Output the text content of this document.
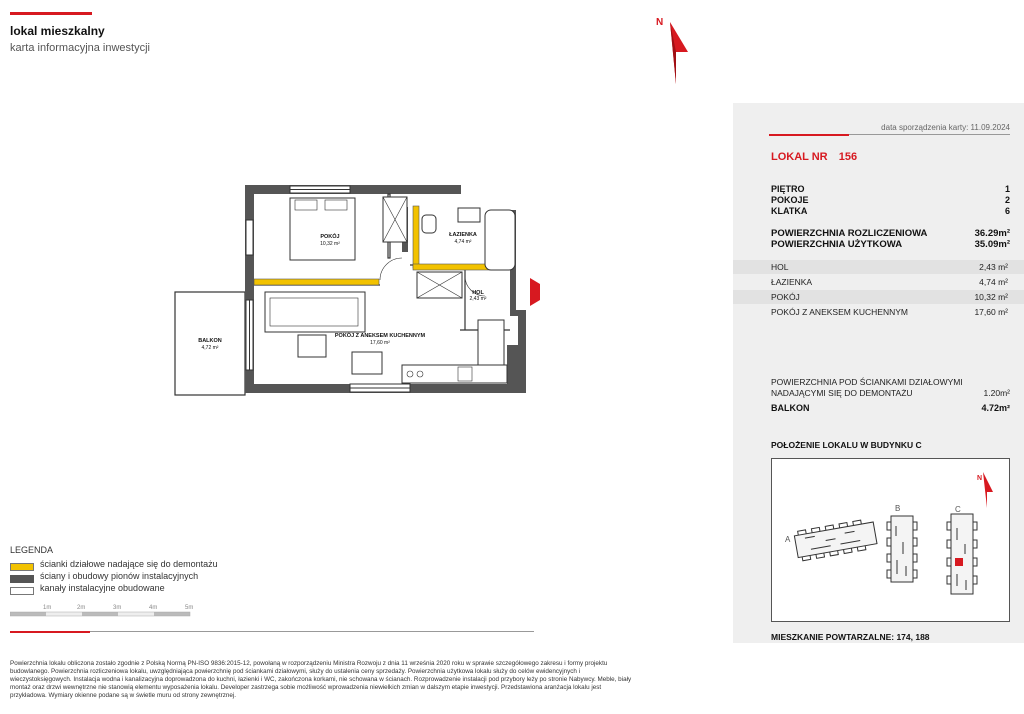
lokal mieszkalny
karta informacyjna inwestycji
N
data sporządzenia karty: 11.09.2024
LOKAL NR 156
PIĘTRO	1
POKOJE	2
KLATKA	6
POWIERZCHNIA ROZLICZENIOWA	36.29m²
POWIERZCHNIA UŻYTKOWA	35.09m²
HOL	2,43 m²
ŁAZIENKA	4,74 m²
POKÓJ	10,32 m²
POKÓJ Z ANEKSEM KUCHENNYM	17,60 m²
POWIERZCHNIA POD ŚCIANKAMI DZIAŁOWYMI
NADAJĄCYMI SIĘ DO DEMONTAŻU	1.20m²
BALKON	4.72m²
POŁOŻENIE LOKALU W BUDYNKU C
A
B	C
N
MIESZKANIE POWTARZALNE: 174, 188
POKÓJ
10,32 m²
ŁAZIENKA
4,74 m²
HOL
2,43 m²
POKÓJ Z ANEKSEM KUCHENNYM
17,60 m²
BALKON
4,72 m²
LEGENDA
ścianki działowe nadające się do demontażu
ściany i obudowy pionów instalacyjnych
kanały instalacyjne obudowane
1m	2m	3m	4m	5m
Powierzchnia lokalu obliczona zostało zgodnie z Polską Normą PN-ISO 9836:2015-12, powołaną w rozporządzeniu Ministra Rozwoju z dnia 11 września 2020 roku w sprawie szczegółowego zakresu i formy projektu
budowlanego. Powierzchnia rozliczeniowa lokalu, uwzględniająca powierzchnię pod ściankami działowymi, służy do ustalenia ceny sprzedaży. Powierzchnia użytkowa lokalu służy do celów ewidencyjnych i
wieczystoksięgowych. Instalacja wodna i kanalizacyjna doprowadzona do kuchni, łazienki i WC, zakończona korkami, nie schowana w ścianach. Rozprowadzenie instalacji pod przybory leży po stronie Nabywcy. Meble, biały
montaż oraz drzwi wewnętrzne nie stanowią elementu wyposażenia lokalu. Developer zastrzega sobie możliwość wprowadzenia niewielkich zmian w dalszym etapie inwestycji. Przedstawiona aranżacja lokalu jest
przykładowa. Wymiary okienne podane są w świetle muru od strony zewnętrznej.
